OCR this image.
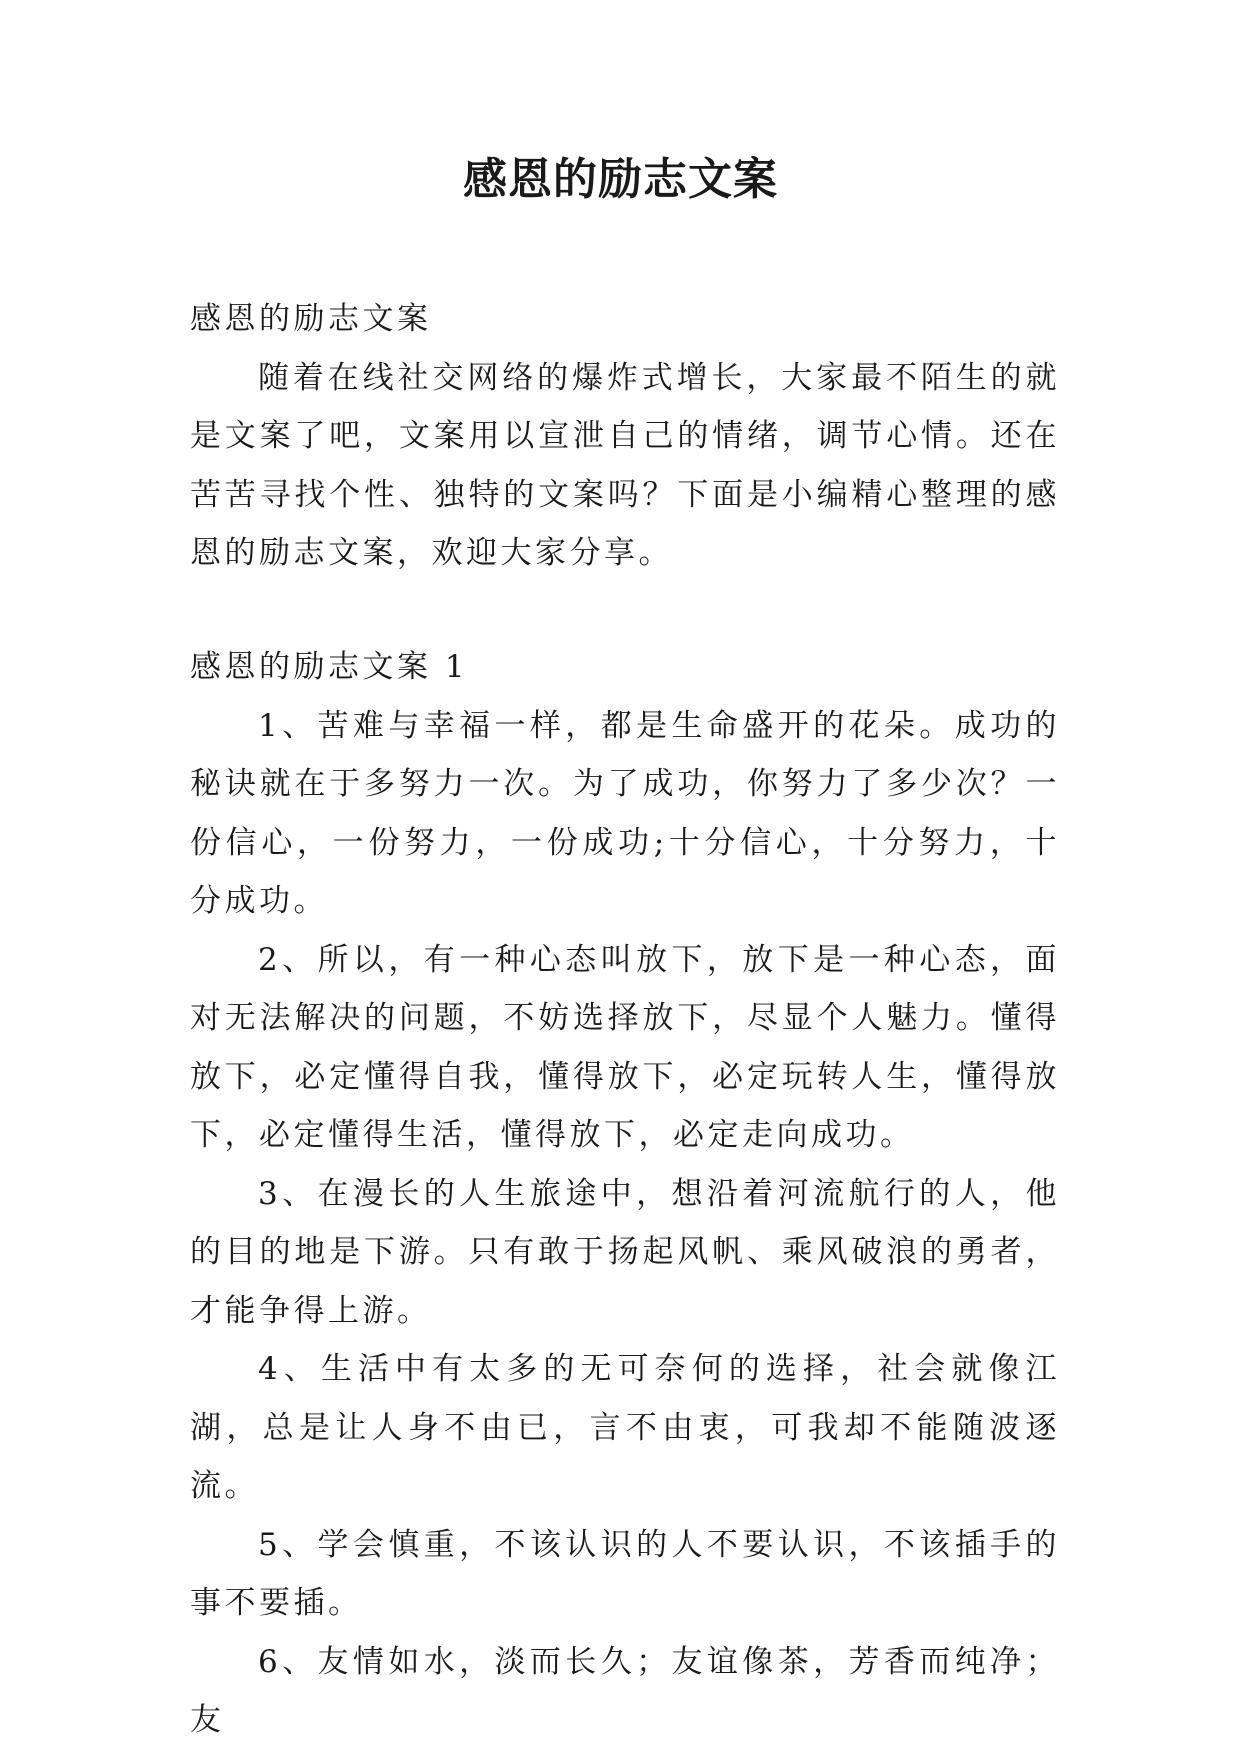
感恩的励志文案

感恩的励志文案

随着在线社交网络的爆炸式增长，大家最不陌生的就是文案了吧，文案用以宣泄自己的情绪，调节心情。还在苦苦寻找个性、独特的文案吗？下面是小编精心整理的感恩的励志文案，欢迎大家分享。

感恩的励志文案 1

1、苦难与幸福一样，都是生命盛开的花朵。成功的秘诀就在于多努力一次。为了成功，你努力了多少次？一份信心，一份努力，一份成功;十分信心，十分努力，十分成功。

2、所以，有一种心态叫放下，放下是一种心态，面对无法解决的问题，不妨选择放下，尽显个人魅力。懂得放下，必定懂得自我，懂得放下，必定玩转人生，懂得放下，必定懂得生活，懂得放下，必定走向成功。

3、在漫长的人生旅途中，想沿着河流航行的人，他的目的地是下游。只有敢于扬起风帆、乘风破浪的勇者，才能争得上游。

4、生活中有太多的无可奈何的选择，社会就像江湖，总是让人身不由已，言不由衷，可我却不能随波逐流。

5、学会慎重，不该认识的人不要认识，不该插手的事不要插。

6、友情如水，淡而长久；友谊像茶，芳香而纯净；友
